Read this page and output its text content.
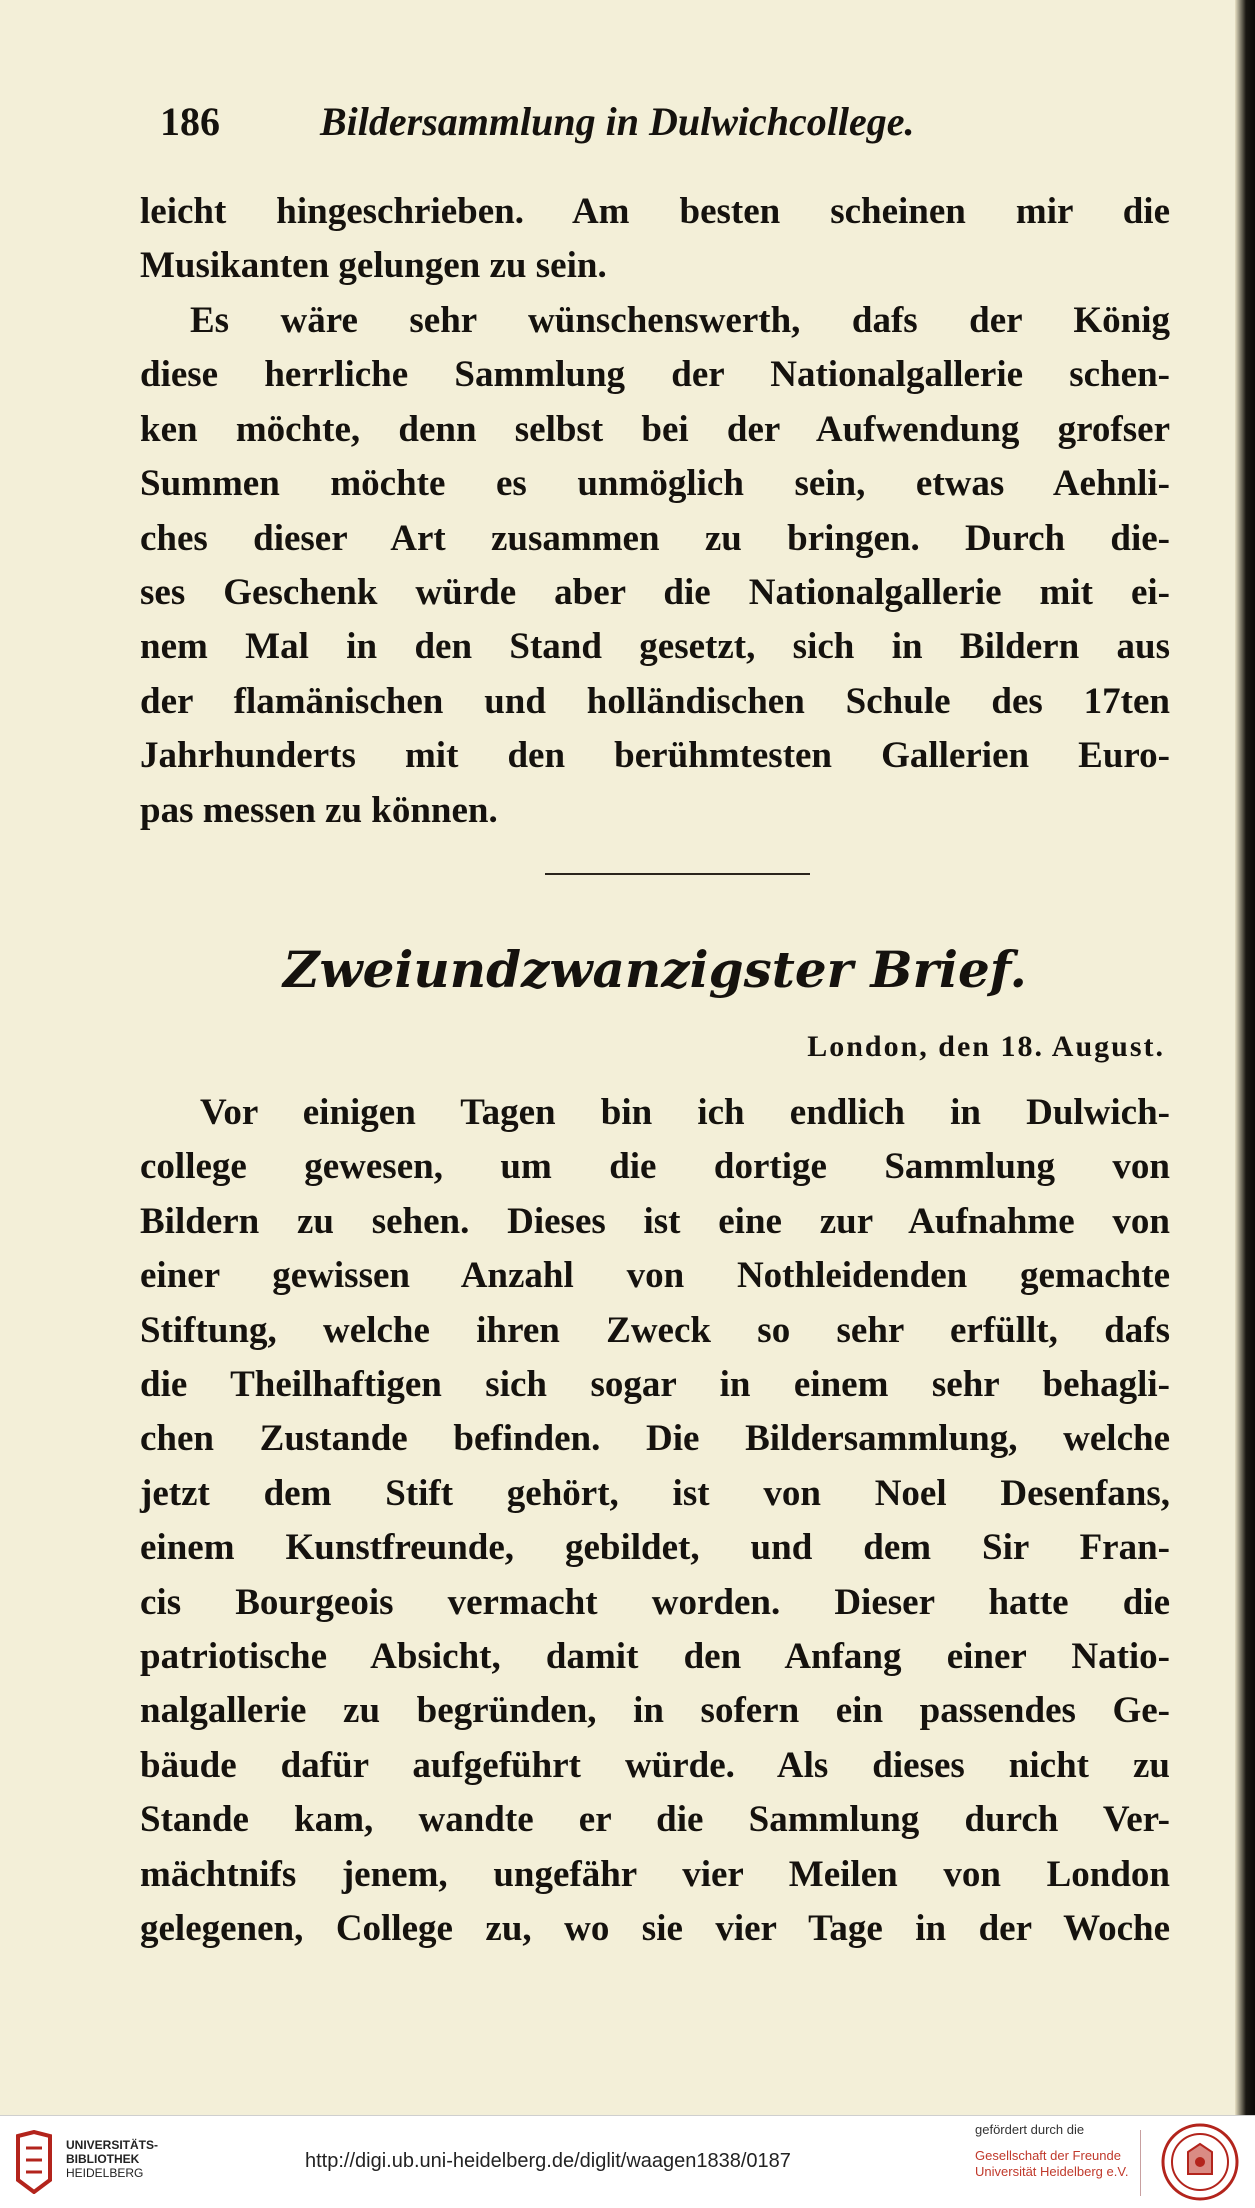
186	Bildersammlung in Dulwichcollege.
leicht hingeschrieben. Am besten scheinen mir die
Musikanten gelungen zu sein.
Es wäre sehr wünschenswerth, dafs der König
diese herrliche Sammlung der Nationalgallerie schen-
ken möchte, denn selbst bei der Aufwendung grofser
Summen möchte es unmöglich sein, etwas Aehnli-
ches dieser Art zusammen zu bringen. Durch die-
ses Geschenk würde aber die Nationalgallerie mit ei-
nem Mal in den Stand gesetzt, sich in Bildern aus
der flamänischen und holländischen Schule des 17ten
Jahrhunderts mit den berühmtesten Gallerien Euro-
pas messen zu können.
Zweiundzwanzigster Brief.
London, den 18. August.
Vor einigen Tagen bin ich endlich in Dulwich-
college gewesen, um die dortige Sammlung von
Bildern zu sehen. Dieses ist eine zur Aufnahme von
einer gewissen Anzahl von Nothleidenden gemachte
Stiftung, welche ihren Zweck so sehr erfüllt, dafs
die Theilhaftigen sich sogar in einem sehr behagli-
chen Zustande befinden. Die Bildersammlung, welche
jetzt dem Stift gehört, ist von Noel Desenfans,
einem Kunstfreunde, gebildet, und dem Sir Fran-
cis Bourgeois vermacht worden. Dieser hatte die
patriotische Absicht, damit den Anfang einer Natio-
nalgallerie zu begründen, in sofern ein passendes Ge-
bäude dafür aufgeführt würde. Als dieses nicht zu
Stande kam, wandte er die Sammlung durch Ver-
mächtnifs jenem, ungefähr vier Meilen von London
gelegenen, College zu, wo sie vier Tage in der Woche
UNIVERSITÄTS-
BIBLIOTHEK
HEIDELBERG
http://digi.ub.uni-heidelberg.de/diglit/waagen1838/0187
gefördert durch die
Gesellschaft der Freunde
Universität Heidelberg e.V.
